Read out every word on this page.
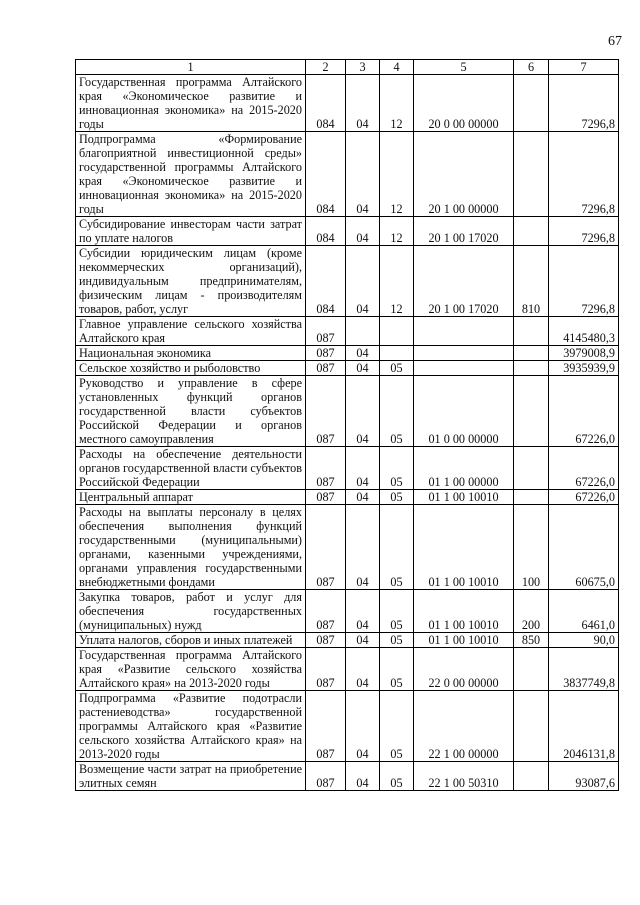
67
1	2	3	4	5	6	7
Государственная программа Алтайского края «Экономическое развитие и инновационная экономика» на 2015-2020 годы	084	04	12	20 0 00 00000		7296,8
Подпрограмма «Формирование благоприятной инвестиционной среды» государственной программы Алтайского края «Экономическое развитие и инновационная экономика» на 2015-2020 годы	084	04	12	20 1 00 00000		7296,8
Субсидирование инвесторам части затрат по уплате налогов	084	04	12	20 1 00 17020		7296,8
Субсидии юридическим лицам (кроме некоммерческих организаций), индивидуальным предпринимателям, физическим лицам - производителям товаров, работ, услуг	084	04	12	20 1 00 17020	810	7296,8
Главное управление сельского хозяйства Алтайского края	087					4145480,3
Национальная экономика	087	04				3979008,9
Сельское хозяйство и рыболовство	087	04	05			3935939,9
Руководство и управление в сфере установленных функций органов государственной власти субъектов Российской Федерации и органов местного самоуправления	087	04	05	01 0 00 00000		67226,0
Расходы на обеспечение деятельности органов государственной власти субъектов Российской Федерации	087	04	05	01 1 00 00000		67226,0
Центральный аппарат	087	04	05	01 1 00 10010		67226,0
Расходы на выплаты персоналу в целях обеспечения выполнения функций государственными (муниципальными) органами, казенными учреждениями, органами управления государственными внебюджетными фондами	087	04	05	01 1 00 10010	100	60675,0
Закупка товаров, работ и услуг для обеспечения государственных (муниципальных) нужд	087	04	05	01 1 00 10010	200	6461,0
Уплата налогов, сборов и иных платежей	087	04	05	01 1 00 10010	850	90,0
Государственная программа Алтайского края «Развитие сельского хозяйства Алтайского края» на 2013-2020 годы	087	04	05	22 0 00 00000		3837749,8
Подпрограмма «Развитие подотрасли растениеводства» государственной программы Алтайского края «Развитие сельского хозяйства Алтайского края» на 2013-2020 годы	087	04	05	22 1 00 00000		2046131,8
Возмещение части затрат на приобретение элитных семян	087	04	05	22 1 00 50310		93087,6
